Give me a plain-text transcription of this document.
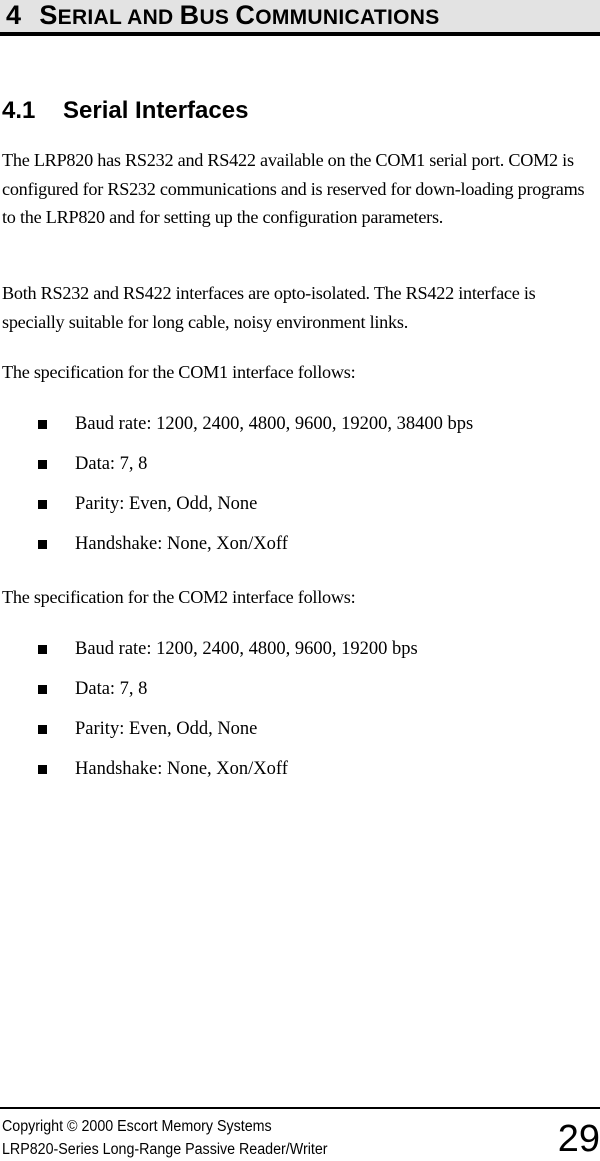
4 SERIAL AND BUS COMMUNICATIONS
4.1 Serial Interfaces

The LRP820 has RS232 and RS422 available on the COM1 serial port. COM2 is configured for RS232 communications and is reserved for down-loading programs to the LRP820 and for setting up the configuration parameters.

Both RS232 and RS422 interfaces are opto-isolated. The RS422 interface is specially suitable for long cable, noisy environment links.

The specification for the COM1 interface follows:

Baud rate: 1200, 2400, 4800, 9600, 19200, 38400 bps
Data: 7, 8
Parity: Even, Odd, None
Handshake: None, Xon/Xoff

The specification for the COM2 interface follows:

Baud rate: 1200, 2400, 4800, 9600, 19200 bps
Data: 7, 8
Parity: Even, Odd, None
Handshake: None, Xon/Xoff
Copyright © 2000 Escort Memory Systems
LRP820-Series Long-Range Passive Reader/Writer	29
